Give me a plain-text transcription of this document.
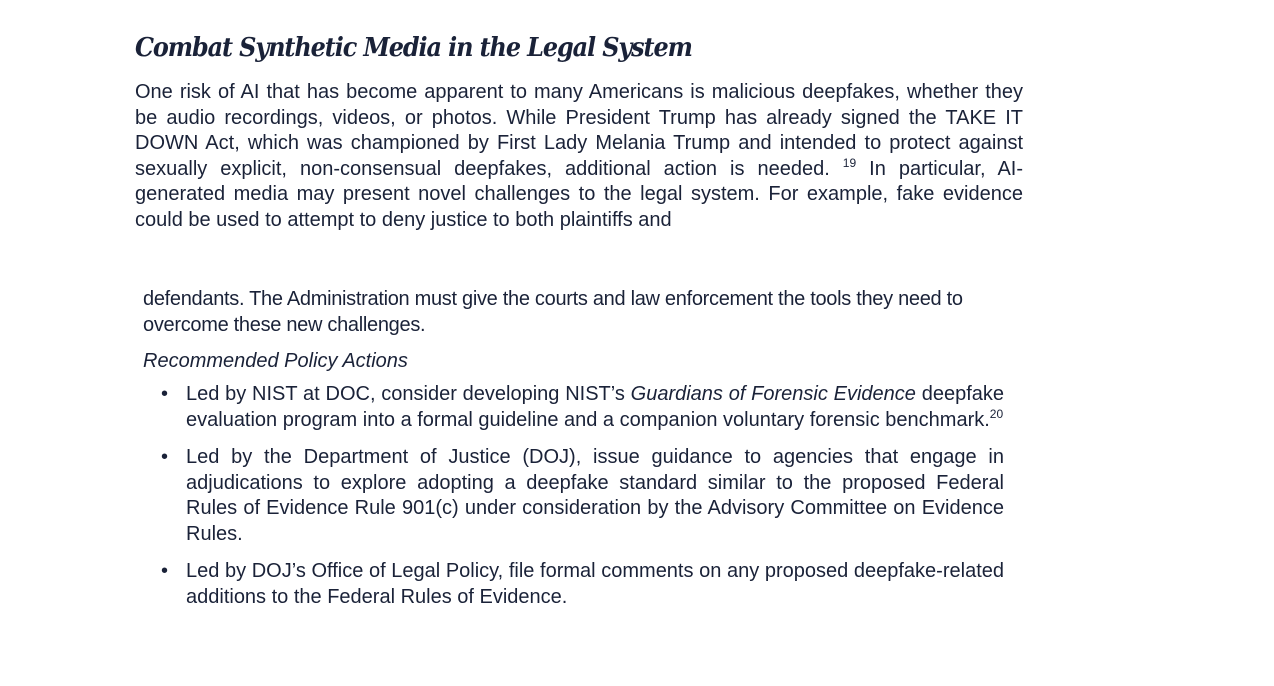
Combat Synthetic Media in the Legal System

One risk of AI that has become apparent to many Americans is malicious deepfakes, whether they be audio recordings, videos, or photos. While President Trump has already signed the TAKE IT DOWN Act, which was championed by First Lady Melania Trump and intended to protect against sexually explicit, non-consensual deepfakes, additional action is needed. $^{19}$ In particular, AI-generated media may present novel challenges to the legal system. For example, fake evidence could be used to attempt to deny justice to both plaintiffs and

defendants. The Administration must give the courts and law enforcement the tools they need to overcome these new challenges.

Recommended Policy Actions
• Led by NIST at DOC, consider developing NIST’s Guardians of Forensic Evidence deepfake evaluation program into a formal guideline and a companion voluntary forensic benchmark.$^{20}$
• Led by the Department of Justice (DOJ), issue guidance to agencies that engage in adjudications to explore adopting a deepfake standard similar to the proposed Federal Rules of Evidence Rule 901(c) under consideration by the Advisory Committee on Evidence Rules.
• Led by DOJ’s Office of Legal Policy, file formal comments on any proposed deepfake-related additions to the Federal Rules of Evidence.
